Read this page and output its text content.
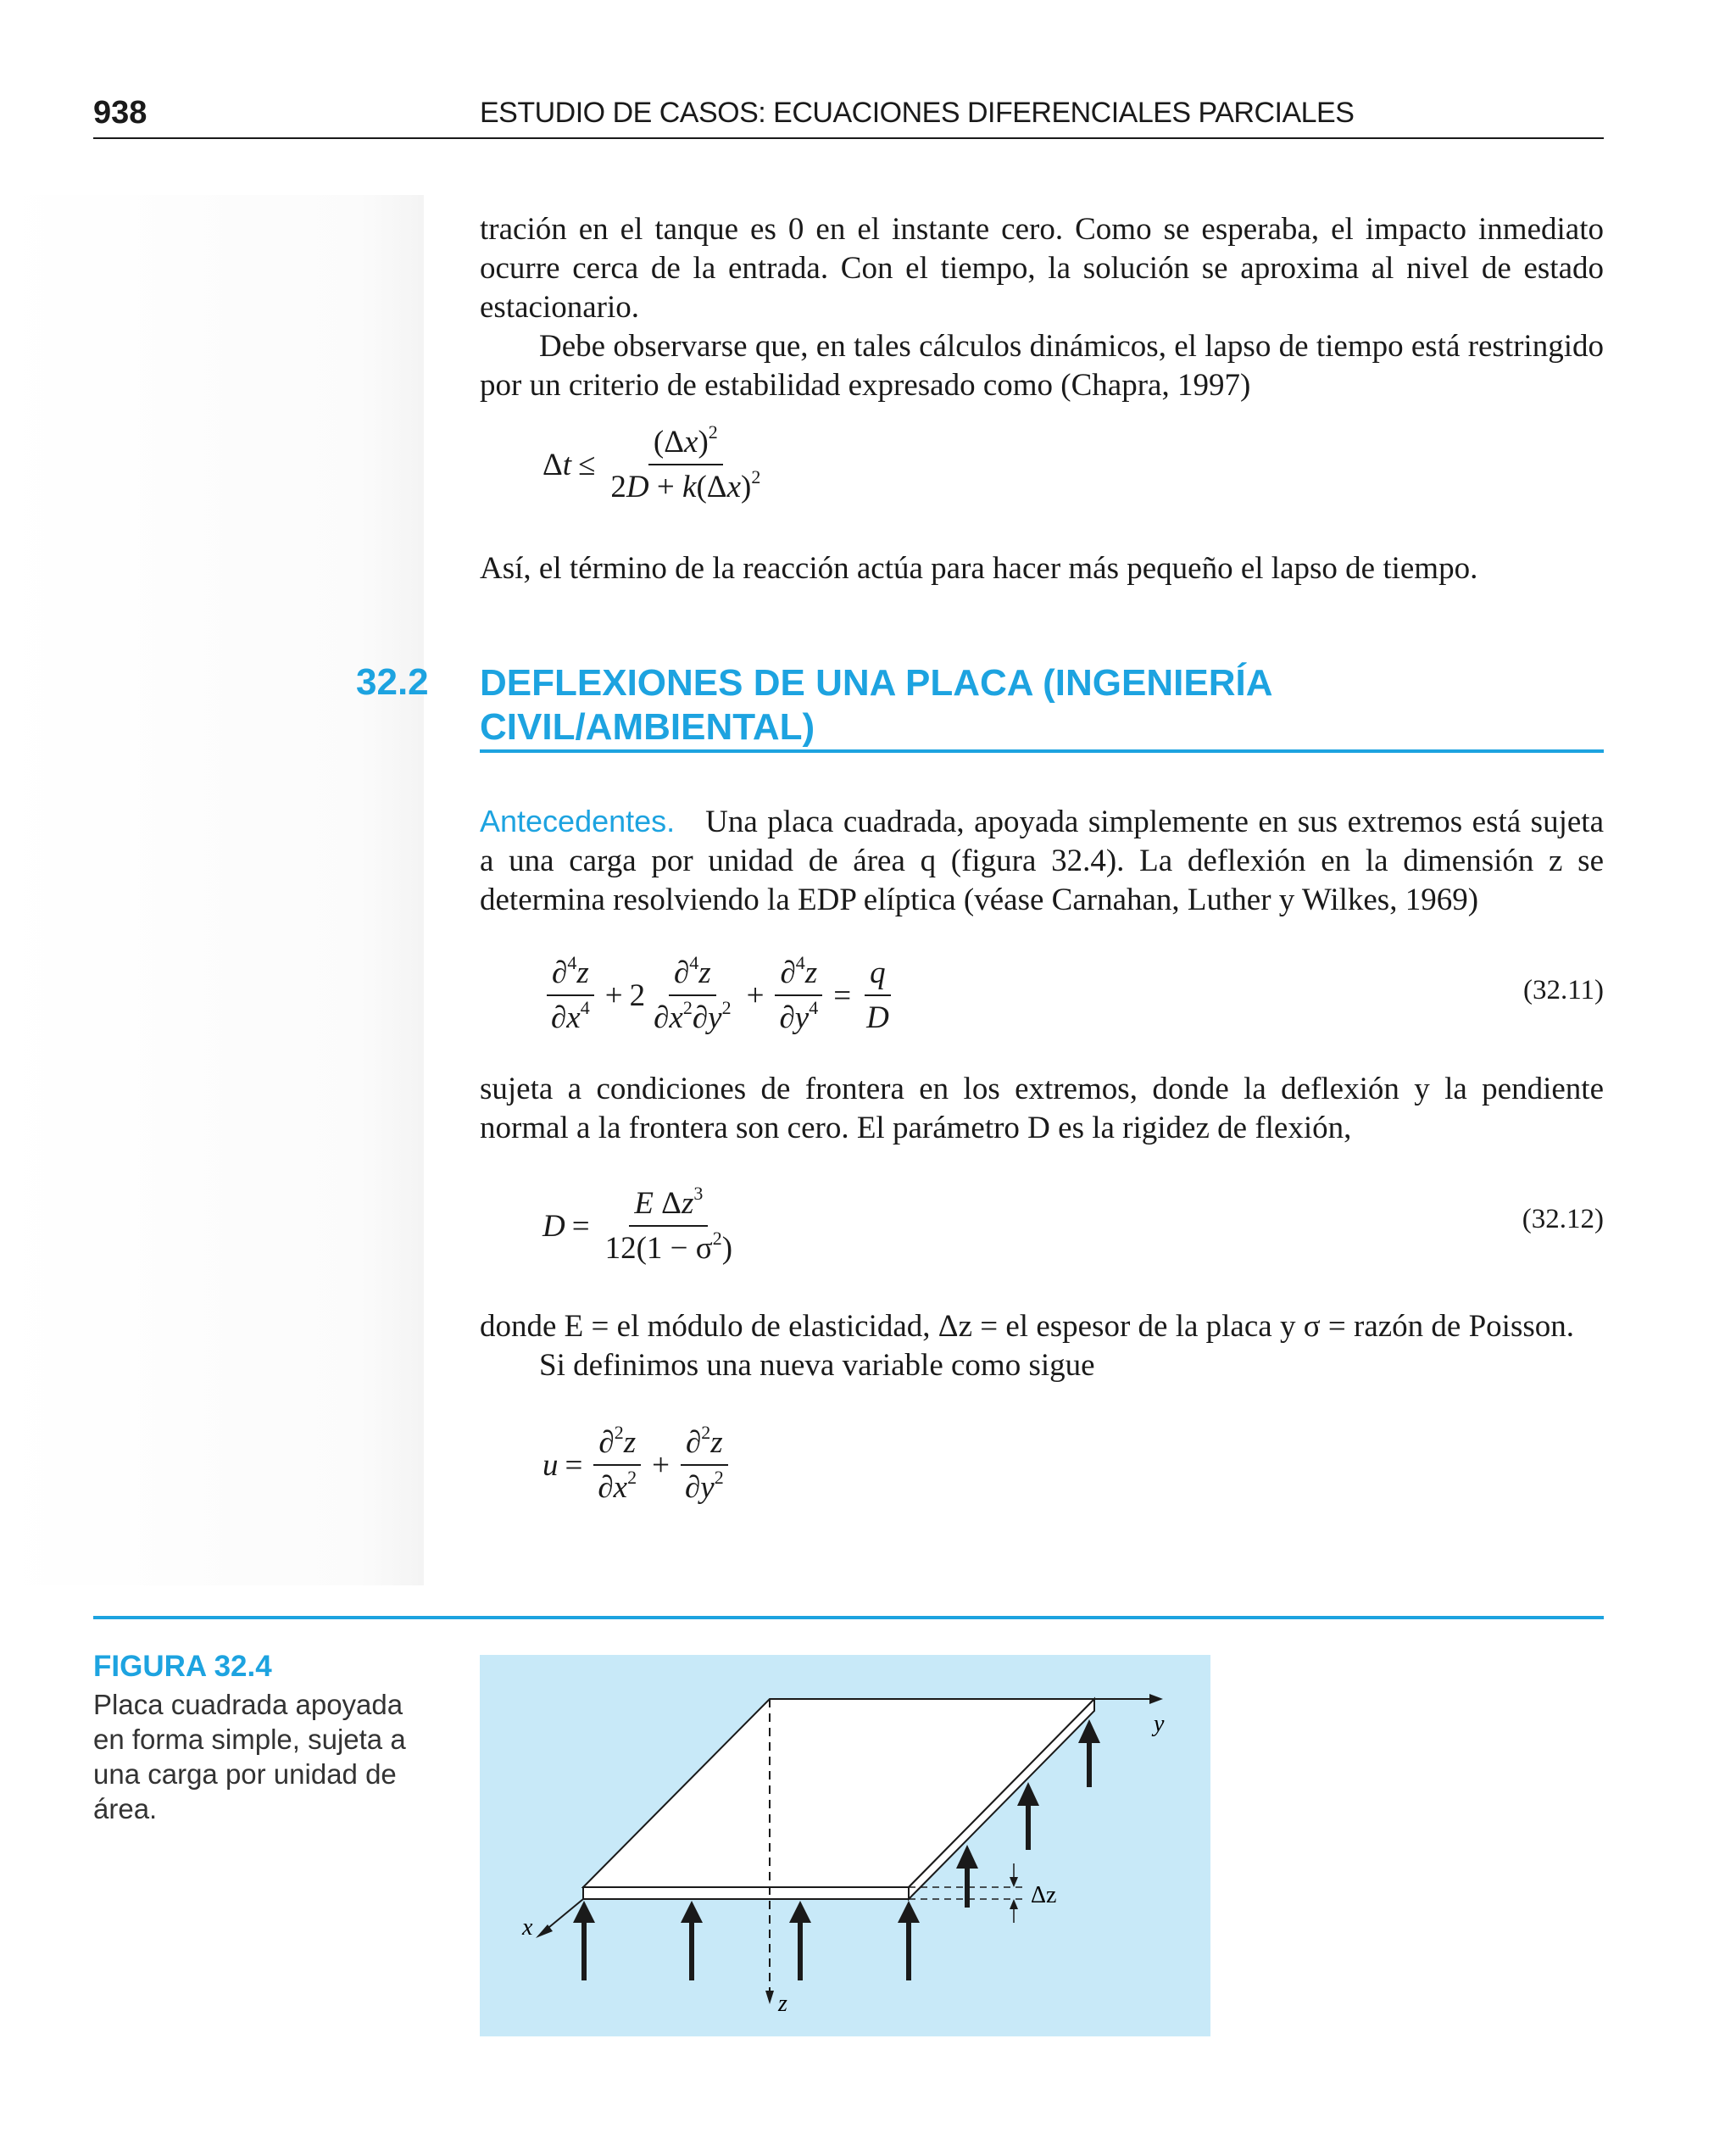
938	ESTUDIO DE CASOS: ECUACIONES DIFERENCIALES PARCIALES
tración en el tanque es 0 en el instante cero. Como se esperaba, el impacto inmediato ocurre cerca de la entrada. Con el tiempo, la solución se aproxima al nivel de estado estacionario.
Debe observarse que, en tales cálculos dinámicos, el lapso de tiempo está restringido por un criterio de estabilidad expresado como (Chapra, 1997)
$\Delta t \le \frac{(\Delta x)^2}{2D + k(\Delta x)^2}$
Así, el término de la reacción actúa para hacer más pequeño el lapso de tiempo.
32.2 DEFLEXIONES DE UNA PLACA (INGENIERÍA
CIVIL/AMBIENTAL)
Antecedentes. Una placa cuadrada, apoyada simplemente en sus extremos está sujeta a una carga por unidad de área q (figura 32.4). La deflexión en la dimensión z se determina resolviendo la EDP elíptica (véase Carnahan, Luther y Wilkes, 1969)
$\frac{\partial^4z}{\partial x^4} + 2 \frac{\partial^4z}{\partial x^2\partial y^2} + \frac{\partial^4z}{\partial y^4} = \frac{q}{D}$	(32.11)
sujeta a condiciones de frontera en los extremos, donde la deflexión y la pendiente normal a la frontera son cero. El parámetro D es la rigidez de flexión,
$D = \frac{E \Delta z^3}{12(1 - \sigma^2)}$	(32.12)
donde E = el módulo de elasticidad, Δz = el espesor de la placa y σ = razón de Poisson.
Si definimos una nueva variable como sigue
$u = \frac{\partial^2z}{\partial x^2} + \frac{\partial^2z}{\partial y^2}$
FIGURA 32.4
Placa cuadrada apoyada en forma simple, sujeta a una carga por unidad de área.
y
z
x
Δz
